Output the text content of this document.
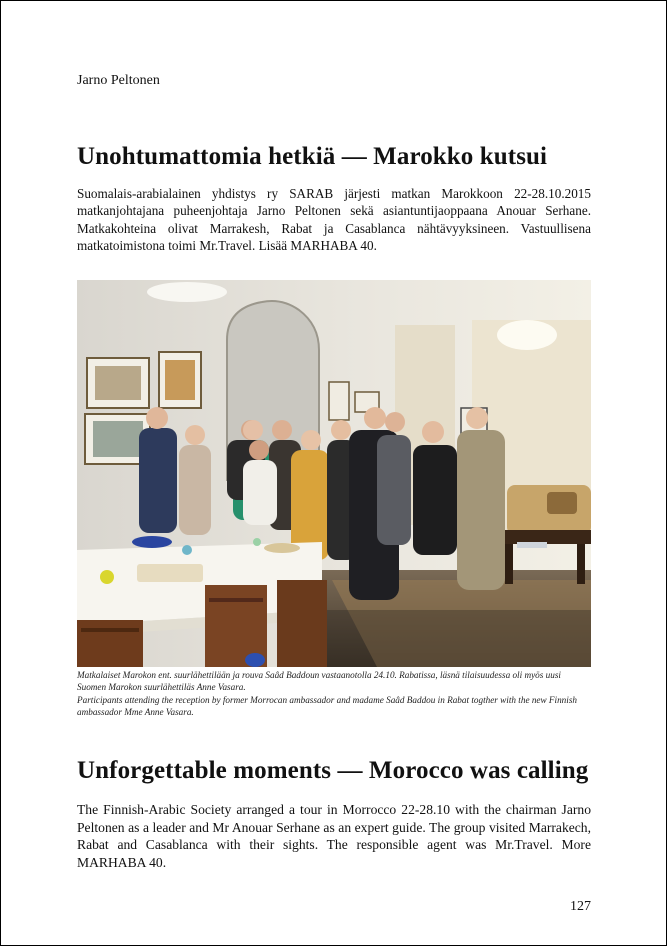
Jarno Peltonen
Unohtumattomia hetkiä — Marokko kutsui

Suomalais-arabialainen yhdistys ry SARAB järjesti matkan Marokkoon 22-28.10.2015 matkanjohtajana puheenjohtaja Jarno Peltonen sekä asiantuntijaoppaana Anouar Serhane. Matkakohteina olivat Marrakesh, Rabat ja Casablanca nähtävyyksineen. Vastuullisena matkatoimistona toimi Mr.Travel. Lisää MARHABA 40.

Matkalaiset Marokon ent. suurlähettilään ja rouva Saâd Baddoun vastaanotolla 24.10. Rabatissa, läsnä tilaisuudessa oli myös uusi Suomen Marokon suurlähettiläs Anne Vasara.

Participants attending the reception by former Morrocan ambassador and madame Saâd Baddou in Rabat togther with the new Finnish ambassador Mme Anne Vasara.

Unforgettable moments — Morocco was calling

The Finnish-Arabic Society arranged a tour in Morrocco 22-28.10 with the chairman Jarno Peltonen as a leader and Mr Anouar Serhane as an expert guide. The group visited Marrakech, Rabat and Casablanca with their sights. The responsible agent was Mr.Travel. More MARHABA 40.

127
